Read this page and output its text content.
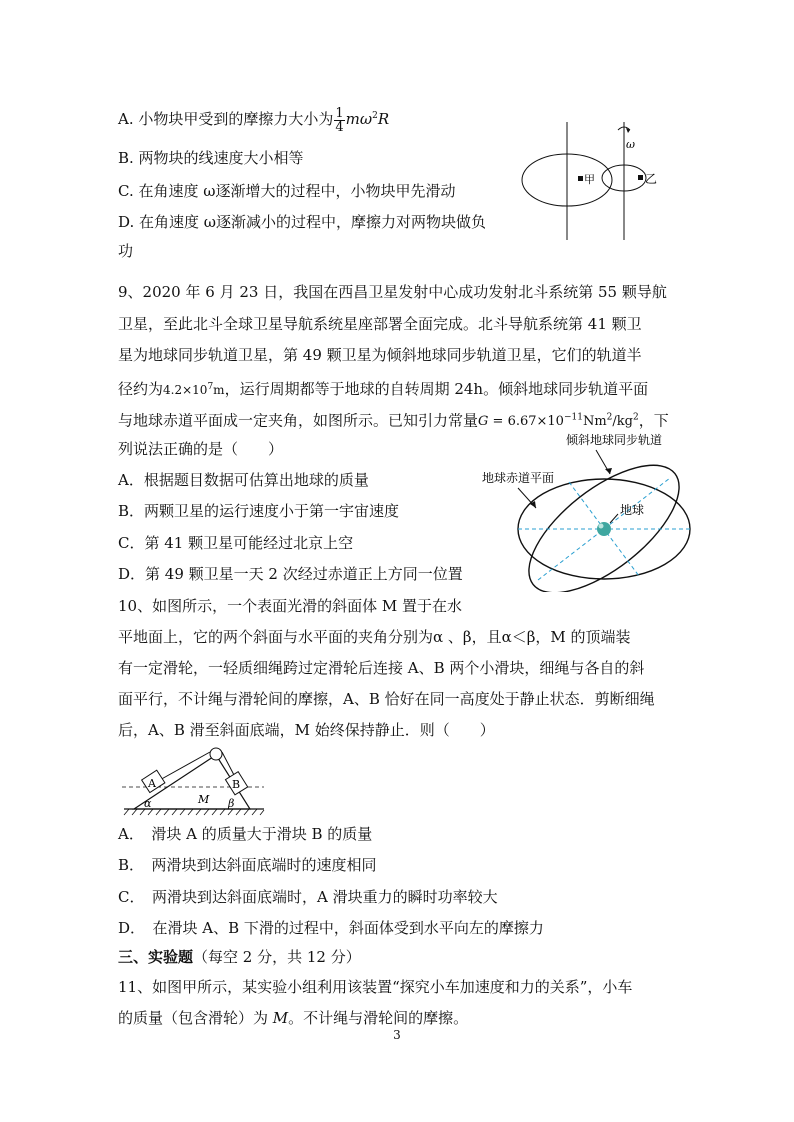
A. 小物块甲受到的摩擦力大小为 $\frac{1}{4} m\omega^2R$
B. 两物块的线速度大小相等
C. 在角速度 ω逐渐增大的过程中，小物块甲先滑动
D. 在角速度 ω逐渐减小的过程中，摩擦力对两物块做负
功
ω
甲	乙
9、2020 年 6 月 23 日，我国在西昌卫星发射中心成功发射北斗系统第 55 颗导航
卫星，至此北斗全球卫星导航系统星座部署全面完成。北斗导航系统第 41 颗卫
星为地球同步轨道卫星，第 49 颗卫星为倾斜地球同步轨道卫星，它们的轨道半
径约为$4.2\times 10^7m$，运行周期都等于地球的自转周期 24h。倾斜地球同步轨道平面
与地球赤道平面成一定夹角，如图所示。已知引力常量$G = 6.67\times 10^{-11}Nm^2/kg^2$，下
列说法正确的是（　　）
A．根据题目数据可估算出地球的质量
B．两颗卫星的运行速度小于第一宇宙速度
C．第 41 颗卫星可能经过北京上空
D．第 49 颗卫星一天 2 次经过赤道正上方同一位置
倾斜地球同步轨道
地球赤道平面
地球
10、如图所示，一个表面光滑的斜面体 M 置于在水
平地面上，它的两个斜面与水平面的夹角分别为α 、β，且α＜β，M 的顶端装
有一定滑轮，一轻质细绳跨过定滑轮后连接 A、B 两个小滑块，细绳与各自的斜
面平行，不计绳与滑轮间的摩擦，A、B 恰好在同一高度处于静止状态．剪断细绳
后，A、B 滑至斜面底端，M 始终保持静止．则（　　）
A	B
M
α	β
A．　滑块 A 的质量大于滑块 B 的质量
B．　两滑块到达斜面底端时的速度相同
C．　两滑块到达斜面底端时，A 滑块重力的瞬时功率较大
D．　在滑块 A、B 下滑的过程中，斜面体受到水平向左的摩擦力
三、实验题（每空 2 分，共 12 分）
11、如图甲所示，某实验小组利用该装置“探究小车加速度和力的关系”，小车
的质量（包含滑轮）为 M。不计绳与滑轮间的摩擦。
3
